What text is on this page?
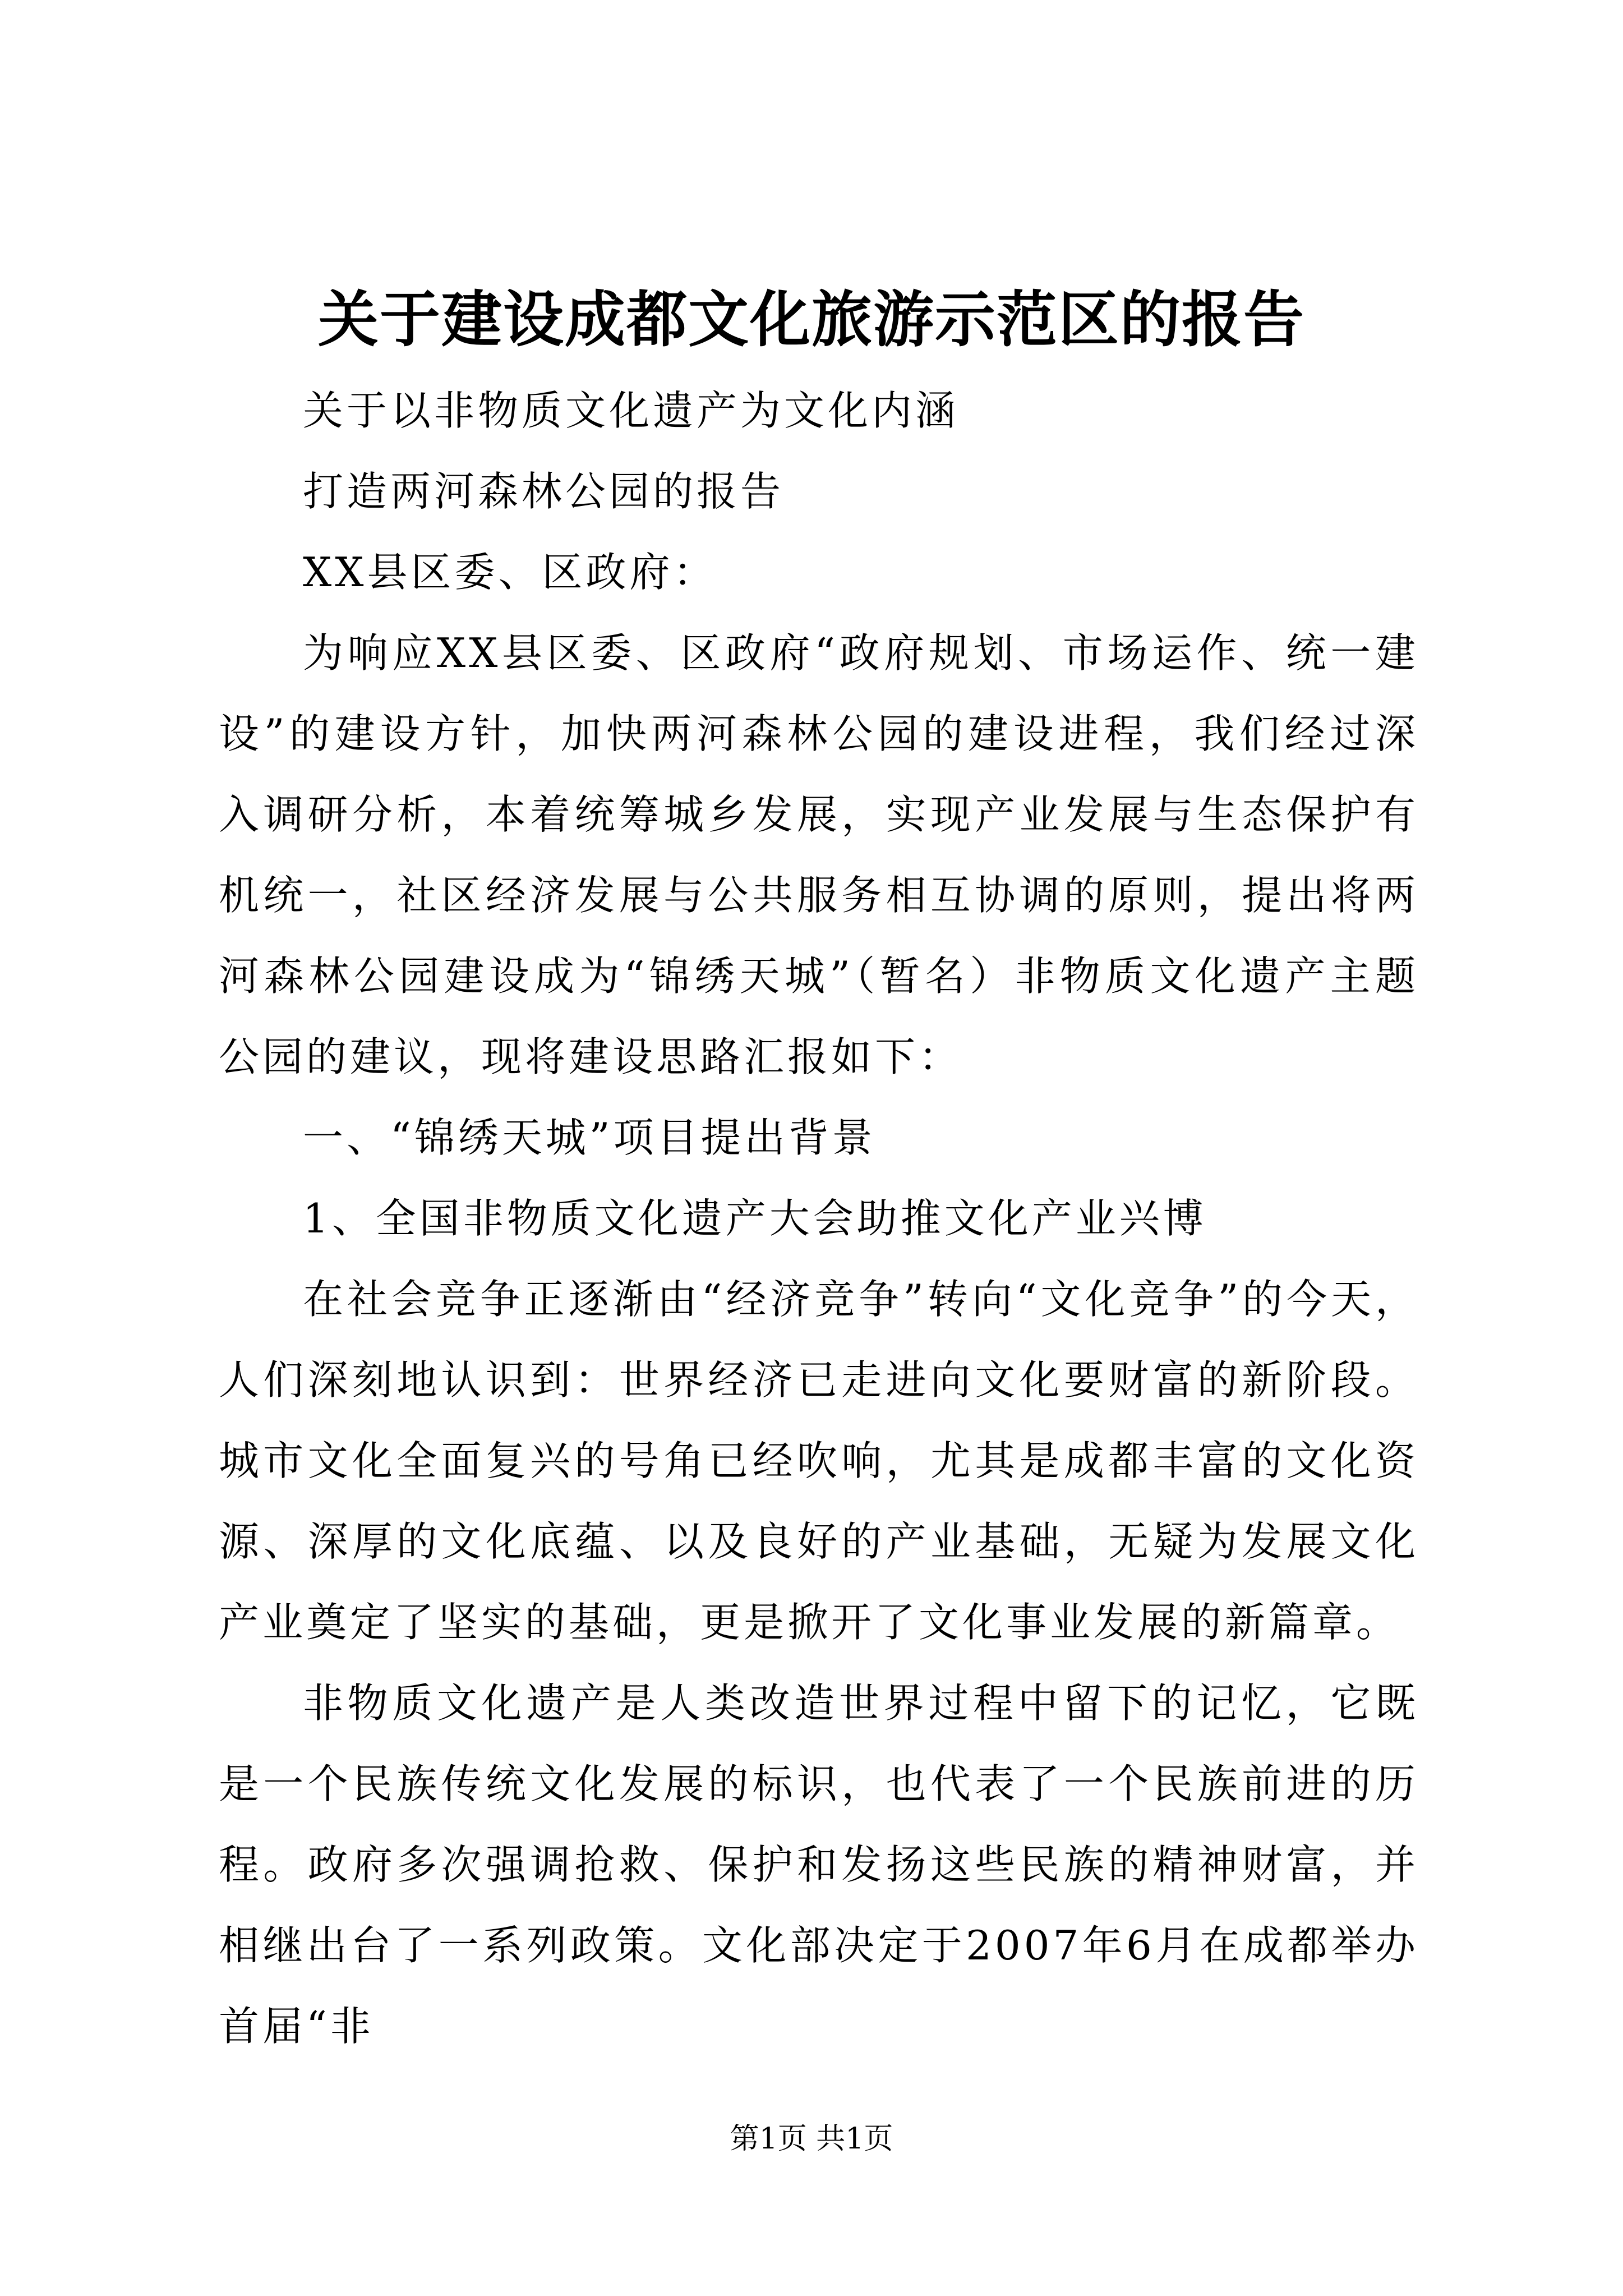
关于建设成都文化旅游示范区的报告

关于以非物质文化遗产为文化内涵

打造两河森林公园的报告

XX县区委、区政府：

为响应XX县区委、区政府“政府规划、市场运作、统一建设”的建设方针，加快两河森林公园的建设进程，我们经过深入调研分析，本着统筹城乡发展，实现产业发展与生态保护有机统一，社区经济发展与公共服务相互协调的原则，提出将两河森林公园建设成为“锦绣天城”（暂名）非物质文化遗产主题公园的建议，现将建设思路汇报如下：

一、“锦绣天城”项目提出背景

1、全国非物质文化遗产大会助推文化产业兴博

在社会竞争正逐渐由“经济竞争”转向“文化竞争”的今天，人们深刻地认识到：世界经济已走进向文化要财富的新阶段。城市文化全面复兴的号角已经吹响，尤其是成都丰富的文化资源、深厚的文化底蕴、以及良好的产业基础，无疑为发展文化产业奠定了坚实的基础，更是掀开了文化事业发展的新篇章。

非物质文化遗产是人类改造世界过程中留下的记忆，它既是一个民族传统文化发展的标识，也代表了一个民族前进的历程。政府多次强调抢救、保护和发扬这些民族的精神财富，并相继出台了一系列政策。文化部决定于2007年6月在成都举办首届“非

第1页 共1页
